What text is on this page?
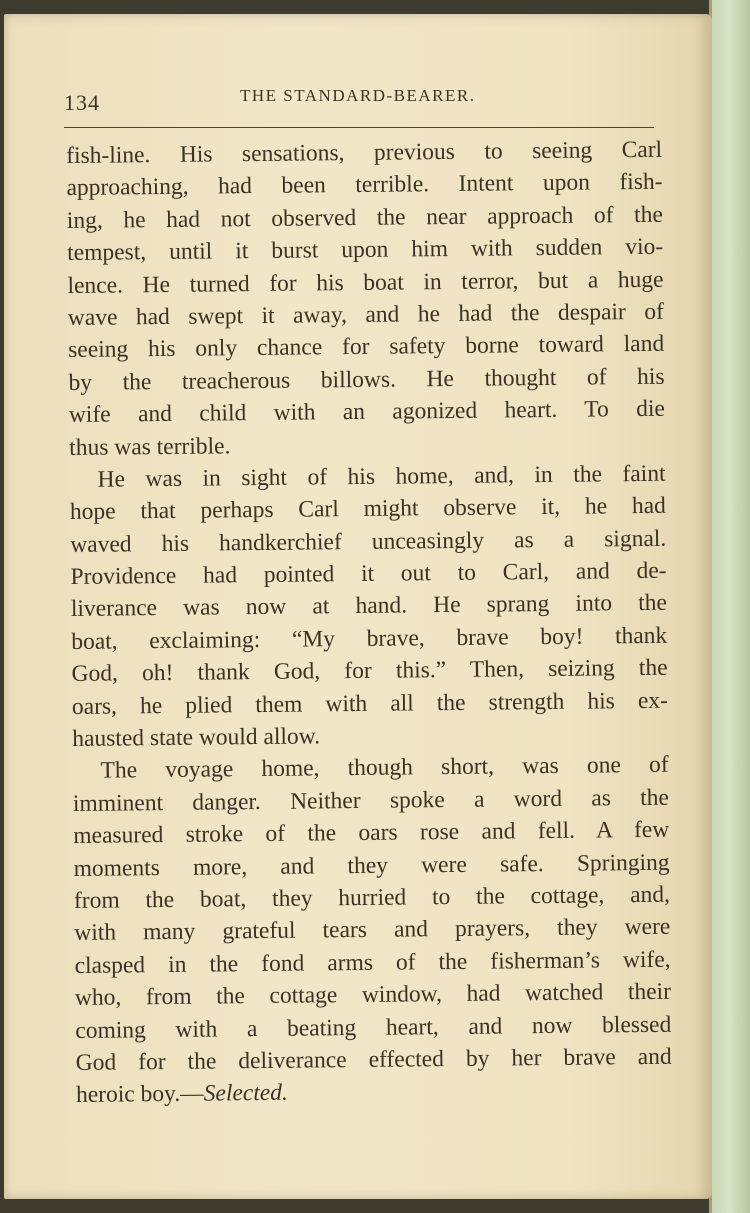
134	THE STANDARD-BEARER.
fish-line. His sensations, previous to seeing Carl
approaching, had been terrible. Intent upon fish-
ing, he had not observed the near approach of the
tempest, until it burst upon him with sudden vio-
lence. He turned for his boat in terror, but a huge
wave had swept it away, and he had the despair of
seeing his only chance for safety borne toward land
by the treacherous billows. He thought of his
wife and child with an agonized heart. To die
thus was terrible.
He was in sight of his home, and, in the faint
hope that perhaps Carl might observe it, he had
waved his handkerchief unceasingly as a signal.
Providence had pointed it out to Carl, and de-
liverance was now at hand. He sprang into the
boat, exclaiming: “My brave, brave boy! thank
God, oh! thank God, for this.” Then, seizing the
oars, he plied them with all the strength his ex-
hausted state would allow.
The voyage home, though short, was one of
imminent danger. Neither spoke a word as the
measured stroke of the oars rose and fell. A few
moments more, and they were safe. Springing
from the boat, they hurried to the cottage, and,
with many grateful tears and prayers, they were
clasped in the fond arms of the fisherman’s wife,
who, from the cottage window, had watched their
coming with a beating heart, and now blessed
God for the deliverance effected by her brave and
heroic boy.—Selected.
